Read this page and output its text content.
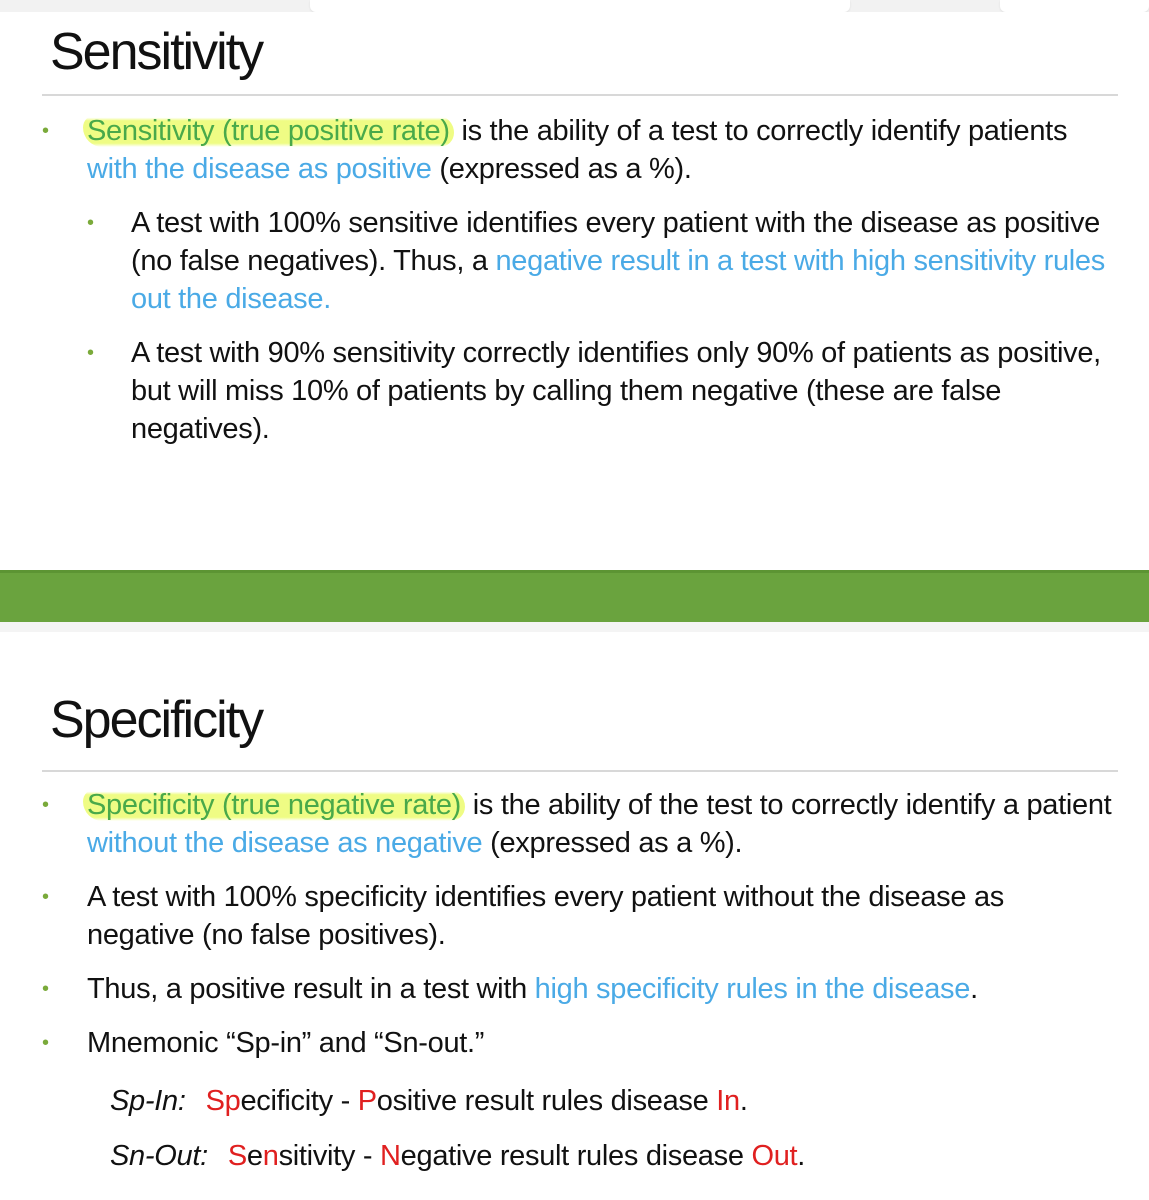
Sensitivity
• Sensitivity (true positive rate) is the ability of a test to correctly identify patients with the disease as positive (expressed as a %).
• A test with 100% sensitive identifies every patient with the disease as positive (no false negatives). Thus, a negative result in a test with high sensitivity rules out the disease.
• A test with 90% sensitivity correctly identifies only 90% of patients as positive, but will miss 10% of patients by calling them negative (these are false negatives).
Specificity
• Specificity (true negative rate) is the ability of the test to correctly identify a patient without the disease as negative (expressed as a %).
• A test with 100% specificity identifies every patient without the disease as negative (no false positives).
• Thus, a positive result in a test with high specificity rules in the disease.
• Mnemonic “Sp-in” and “Sn-out.”
Sp-In: Specificity - Positive result rules disease In.
Sn-Out: Sensitivity - Negative result rules disease Out.
